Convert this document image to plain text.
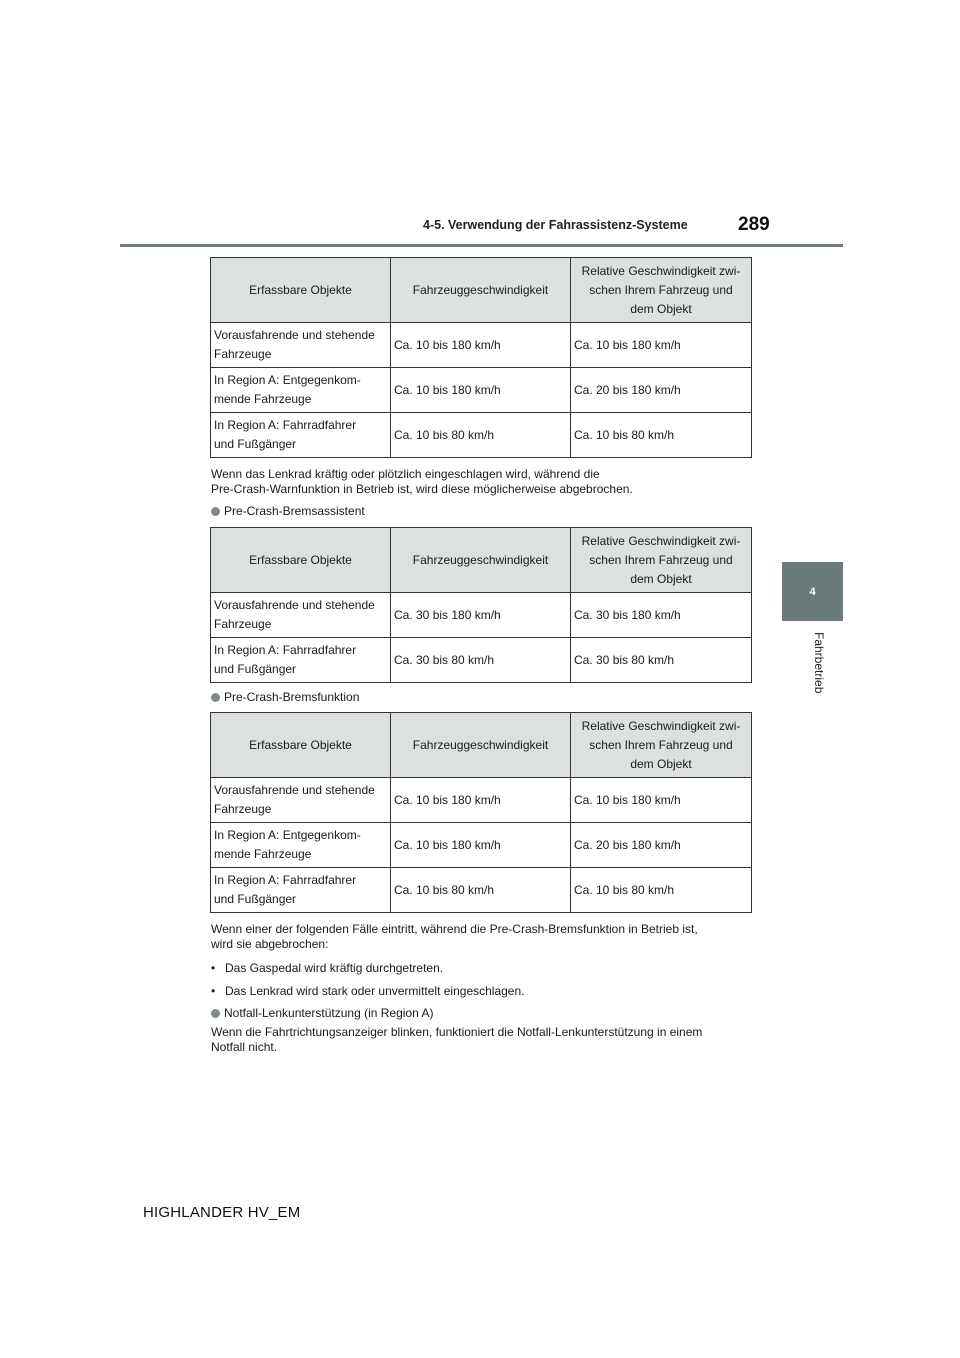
4-5. Verwendung der Fahrassistenz-Systeme	289
4
Fahrbetrieb
Erfassbare Objekte	Fahrzeuggeschwindigkeit	Relative Geschwindigkeit zwi-
schen Ihrem Fahrzeug und
dem Objekt
Vorausfahrende und stehende
Fahrzeuge	Ca. 10 bis 180 km/h	Ca. 10 bis 180 km/h
In Region A: Entgegenkom-
mende Fahrzeuge	Ca. 10 bis 180 km/h	Ca. 20 bis 180 km/h
In Region A: Fahrradfahrer
und Fußgänger	Ca. 10 bis 80 km/h	Ca. 10 bis 80 km/h
Wenn das Lenkrad kräftig oder plötzlich eingeschlagen wird, während die
Pre-Crash-Warnfunktion in Betrieb ist, wird diese möglicherweise abgebrochen.
Pre-Crash-Bremsassistent
Erfassbare Objekte	Fahrzeuggeschwindigkeit	Relative Geschwindigkeit zwi-
schen Ihrem Fahrzeug und
dem Objekt
Vorausfahrende und stehende
Fahrzeuge	Ca. 30 bis 180 km/h	Ca. 30 bis 180 km/h
In Region A: Fahrradfahrer
und Fußgänger	Ca. 30 bis 80 km/h	Ca. 30 bis 80 km/h
Pre-Crash-Bremsfunktion
Erfassbare Objekte	Fahrzeuggeschwindigkeit	Relative Geschwindigkeit zwi-
schen Ihrem Fahrzeug und
dem Objekt
Vorausfahrende und stehende
Fahrzeuge	Ca. 10 bis 180 km/h	Ca. 10 bis 180 km/h
In Region A: Entgegenkom-
mende Fahrzeuge	Ca. 10 bis 180 km/h	Ca. 20 bis 180 km/h
In Region A: Fahrradfahrer
und Fußgänger	Ca. 10 bis 80 km/h	Ca. 10 bis 80 km/h
Wenn einer der folgenden Fälle eintritt, während die Pre-Crash-Bremsfunktion in Betrieb ist,
wird sie abgebrochen:
• Das Gaspedal wird kräftig durchgetreten.
• Das Lenkrad wird stark oder unvermittelt eingeschlagen.
Notfall-Lenkunterstützung (in Region A)
Wenn die Fahrtrichtungsanzeiger blinken, funktioniert die Notfall-Lenkunterstützung in einem
Notfall nicht.
HIGHLANDER HV_EM
